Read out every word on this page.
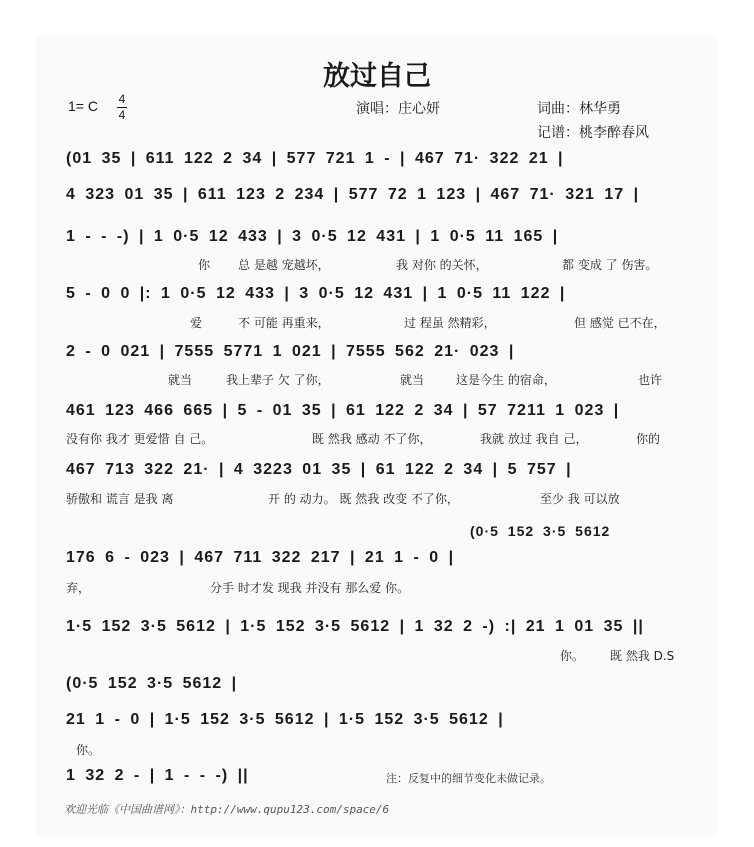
放过自己
1= C 4
4	演唱：庄心妍	词曲：林华勇
记谱：桃李醉春风
(01 35 | 611 122 2 34 | 577 721 1 - | 467 71· 322 21 |
4 323 01 35 | 611 123 2 234 | 577 72 1 123 | 467 71· 321 17 |
1 - - -) | 1 0·5 12 433 | 3 0·5 12 431 | 1 0·5 11 165 |
5 - 0 0 |: 1 0·5 12 433 | 3 0·5 12 431 | 1 0·5 11 122 |
2 - 0 021 | 7555 5771 1 021 | 7555 562 21· 023 |
461 123 466 665 | 5 - 01 35 | 61 122 2 34 | 57 7211 1 023 |
467 713 322 21· | 4 3223 01 35 | 61 122 2 34 | 5 757 |
(0·5 152 3·5 5612
176 6 - 023 | 467 711 322 217 | 21 1 - 0 |
1·5 152 3·5 5612 | 1·5 152 3·5 5612 | 1 32 2 -) :| 21 1 01 35 ||
(0·5 152 3·5 5612 |
21 1 - 0 | 1·5 152 3·5 5612 | 1·5 152 3·5 5612 |
1 32 2 - | 1 - - -) ||
你 总 是越 宠越坏，	我 对你 的关怀，	都 变成 了 伤害。
爱	不 可能 再重来，	过 程虽 然精彩，	但 感觉 已不在，
就当	我上辈子 欠 了你，	就当	这是今生 的宿命，	也许
没有你 我才 更爱惜 自 己。	既 然我 感动 不了你，	我就 放过 我自 己，	你的
骄傲和 谎言 是我 离	开 的 动力。 既 然我 改变 不了你，	至少 我 可以放
弃，	分手 时才发 现我 并没有 那么爱 你。
你。 既 然我 D.S
你。
注：反复中的细节变化未做记录。
欢迎光临《中国曲谱网》：http://www.qupu123.com/space/6
